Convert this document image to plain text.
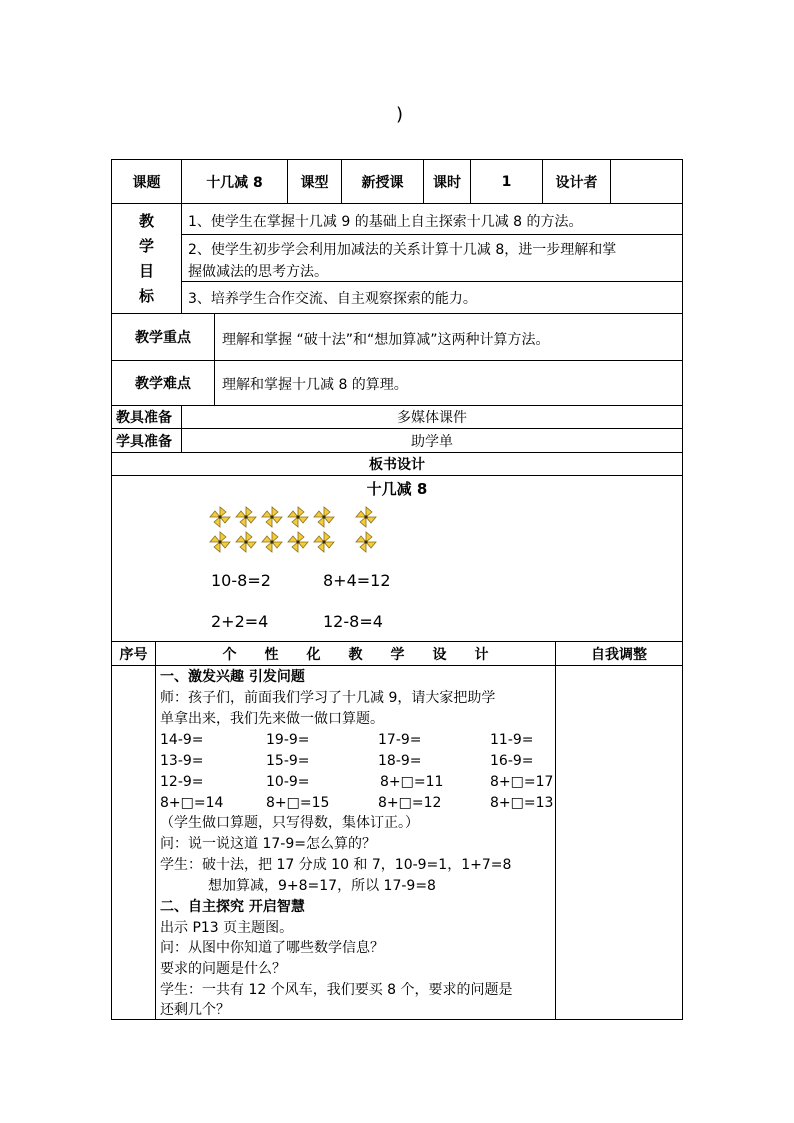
)
课题	十几减 8	课型	新授课	课时	1	设计者
教
学
目
标
1、使学生在掌握十几减 9 的基础上自主探索十几减 8 的方法。
2、使学生初步学会利用加减法的关系计算十几减 8，进一步理解和掌
握做减法的思考方法。
3、培养学生合作交流、自主观察探索的能力。
教学重点	理解和掌握 “破十法”和“想加算减”这两种计算方法。
教学难点	理解和掌握十几减 8 的算理。
教具准备	多媒体课件
学具准备	助学单
板书设计
十几减 8
10-8=2	8+4=12
2+2=4	12-8=4
序号	个　　性　　化　　教　　学　　设　　计	自我调整
一、激发兴趣 引发问题
师：孩子们，前面我们学习了十几减 9，请大家把助学
单拿出来，我们先来做一做口算题。
14-9=	19-9=	17-9=	11-9=
13-9=	15-9=	18-9=	16-9=
12-9=	10-9=	8+□=11	8+□=17
8+□=14	8+□=15	8+□=12	8+□=13
（学生做口算题，只写得数，集体订正。）
问：说一说这道 17-9=怎么算的？
学生：破十法，把 17 分成 10 和 7，10-9=1，1+7=8
想加算减，9+8=17，所以 17-9=8
二、自主探究 开启智慧
出示 P13 页主题图。
问：从图中你知道了哪些数学信息？
要求的问题是什么？
学生：一共有 12 个风车，我们要买 8 个，要求的问题是
还剩几个？
